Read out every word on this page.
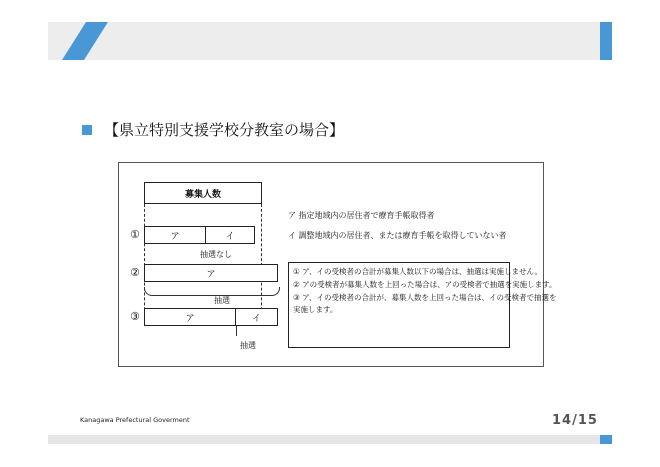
【県立特別支援学校分教室の場合】
募集人数
①	ア	イ
抽選なし
②	ア
抽選
③	ア	イ
抽選
ア 指定地域内の居住者で療育手帳取得者
イ 調整地域内の居住者、または療育手帳を取得していない者
① ア、イの受検者の合計が募集人数以下の場合は、抽選は実施しません。
② アの受検者が募集人数を上回った場合は、アの受検者で抽選を実施します。
③ ア、イの受検者の合計が、募集人数を上回った場合は、イの受検者で抽選を
実施します。
Kanagawa Prefectural Goverment	14/15
